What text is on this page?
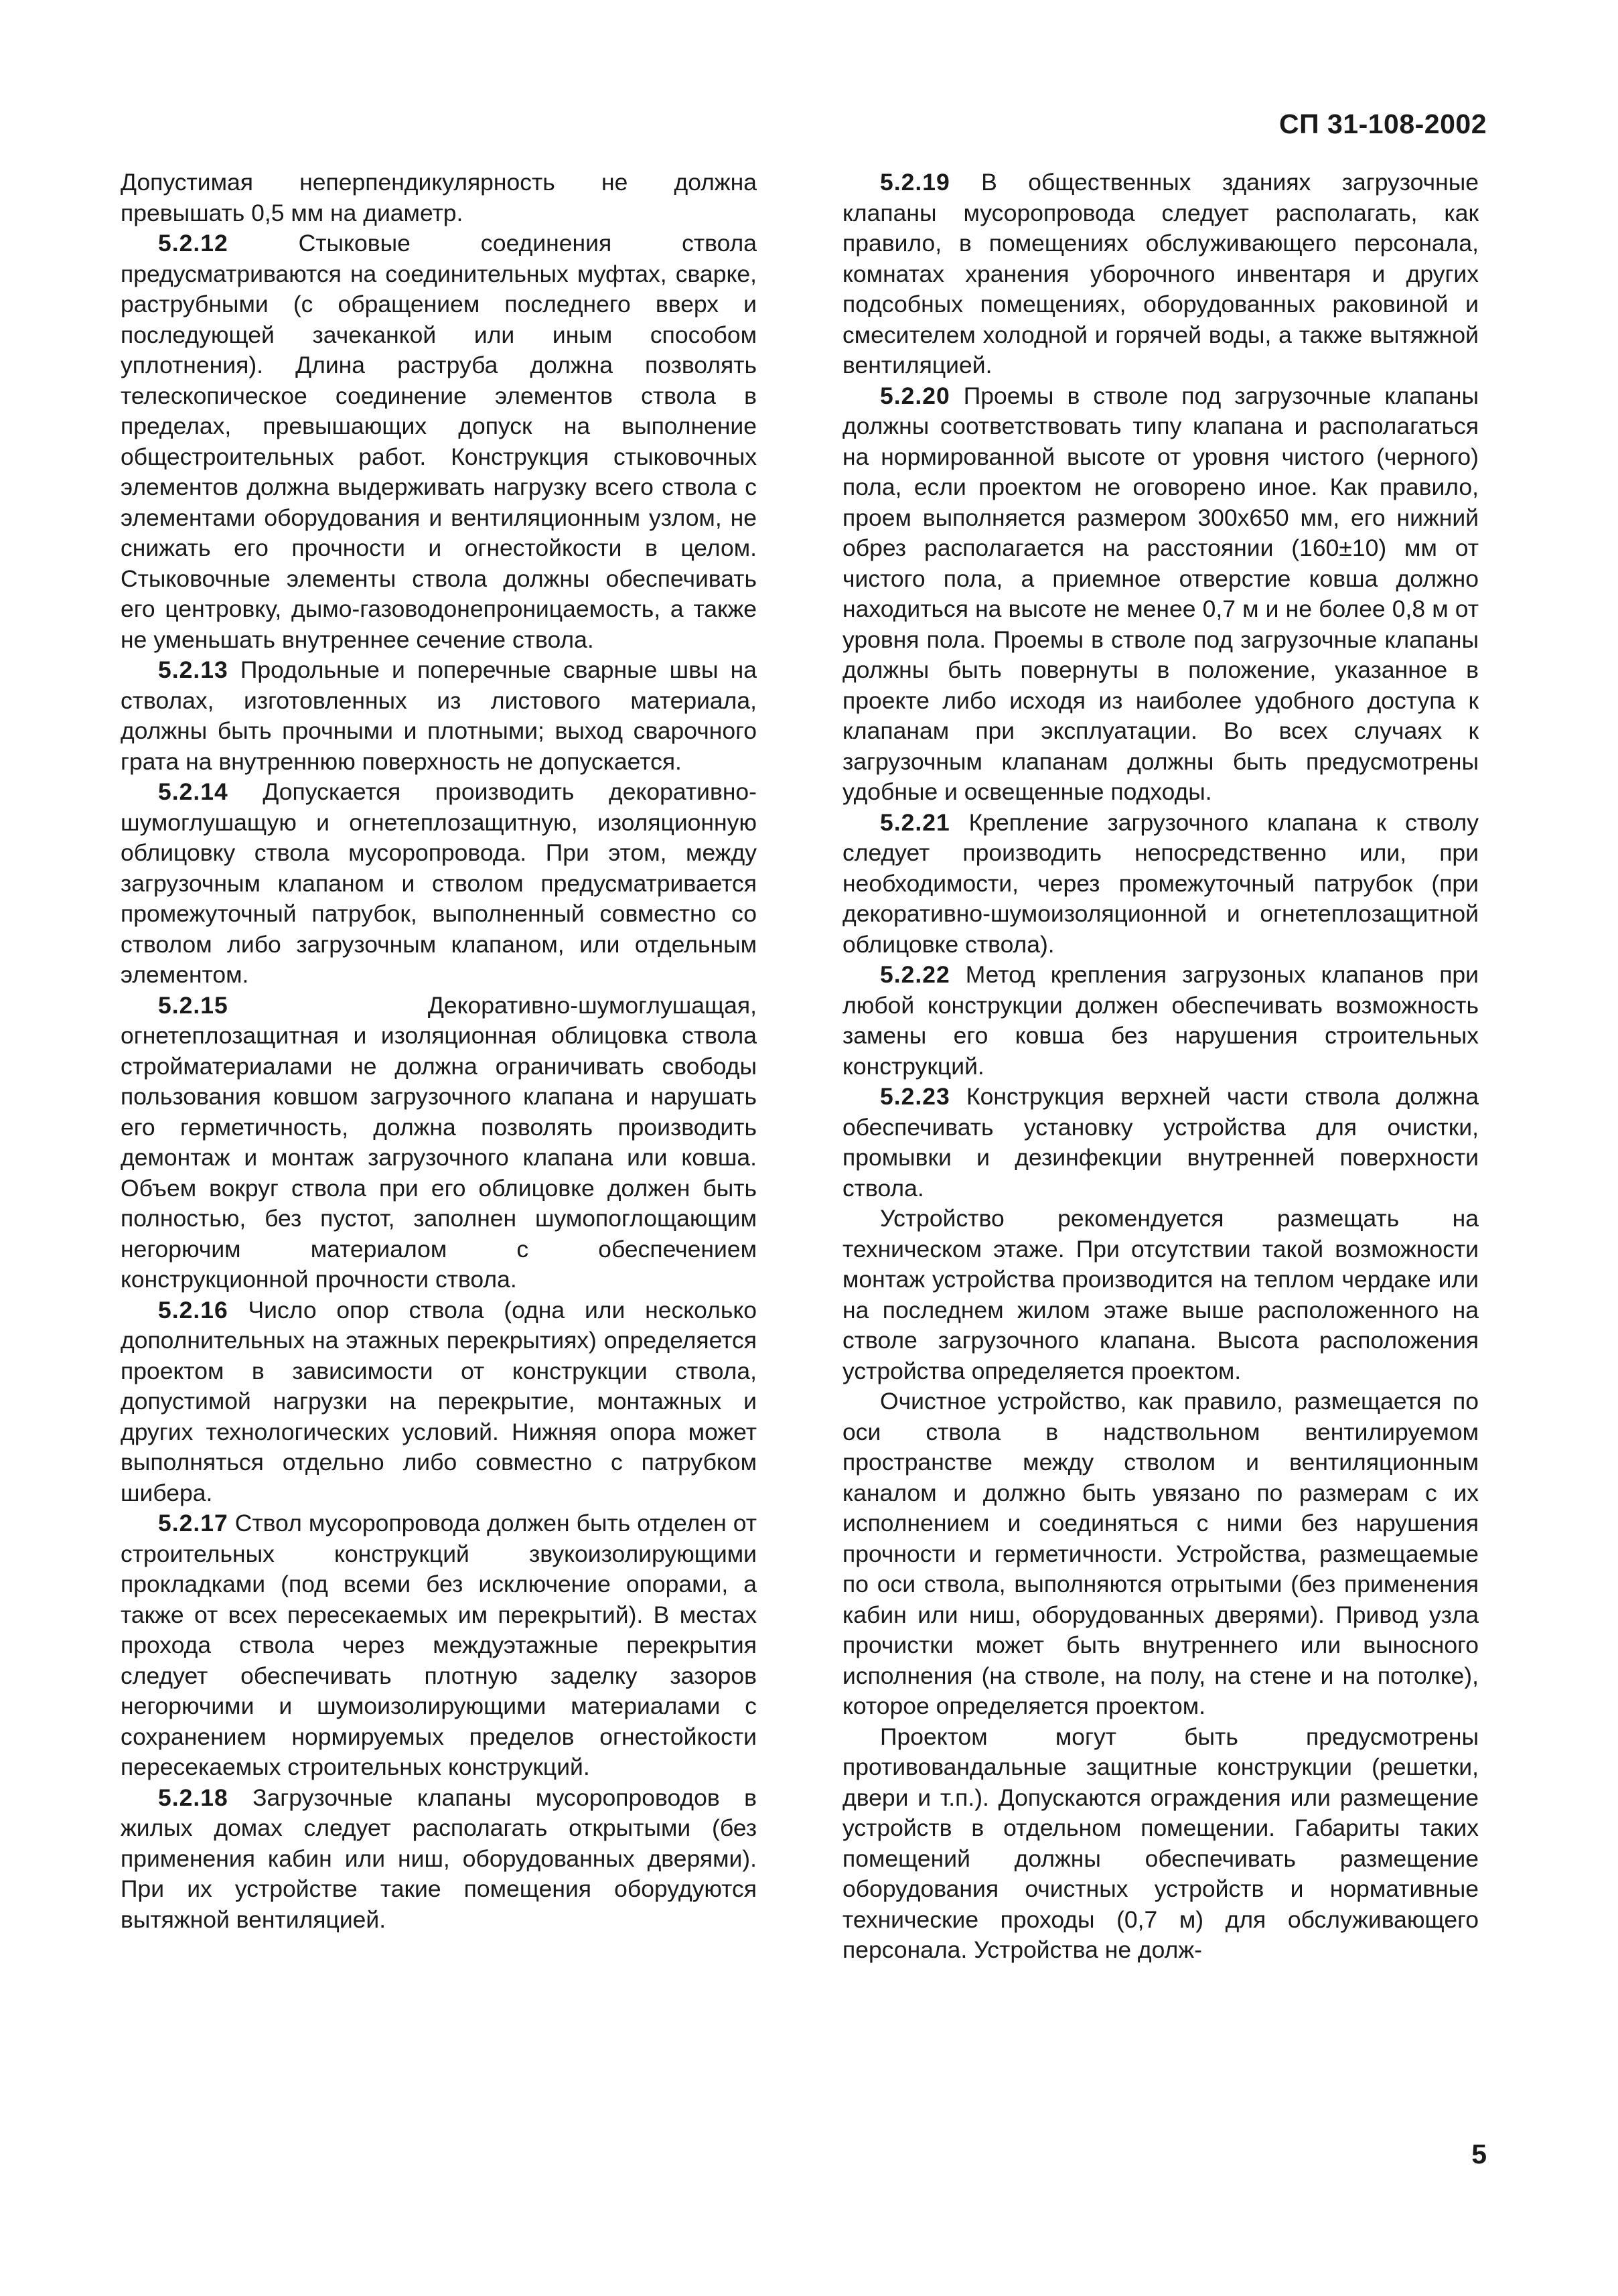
СП 31-108-2002

Допустимая неперпендикулярность не должна превышать 0,5 мм на диаметр.

5.2.12	Стыковые соединения ствола предусматриваются на соединительных муфтах, сварке, раструбными (с обращением последнего вверх и последующей зачеканкой или иным способом уплотнения). Длина раструба должна позволять телескопическое соединение элементов ствола в пределах, превышающих допуск на выполнение общестроительных работ. Конструкция стыковочных элементов должна выдерживать нагрузку всего ствола с элементами оборудования и вентиляционным узлом, не снижать его прочности и огнестойкости в целом. Стыковочные элементы ствола должны обеспечивать его центровку, дымо-газоводонепроницаемость, а также не уменьшать внутреннее сечение ствола.

5.2.13 Продольные и поперечные сварные швы на стволах, изготовленных из листового материала, должны быть прочными и плотными; выход сварочного грата на внутреннюю поверхность не допускается.

5.2.14 Допускается производить декоративно-шумоглушащую и огнетеплозащитную, изоляционную облицовку ствола мусоропровода. При этом, между загрузочным клапаном и стволом предусматривается промежуточный патрубок, выполненный совместно со стволом либо загрузочным клапаном, или отдельным элементом.

5.2.15	Декоративно-шумоглушащая, огнетеплозащитная и изоляционная облицовка ствола стройматериалами не должна ограничивать свободы пользования ковшом загрузочного клапана и нарушать его герметичность, должна позволять производить демонтаж и монтаж загрузочного клапана или ковша. Объем вокруг ствола при его облицовке должен быть полностью, без пустот, заполнен шумопоглощающим негорючим материалом с обеспечением конструкционной прочности ствола.

5.2.16 Число опор ствола (одна или несколько дополнительных на этажных перекрытиях) определяется проектом в зависимости от конструкции ствола, допустимой нагрузки на перекрытие, монтажных и других технологических условий. Нижняя опора может выполняться отдельно либо совместно с патрубком шибера.

5.2.17 Ствол мусоропровода должен быть отделен от строительных конструкций звукоизолирующими прокладками (под всеми без исключение опорами, а также от всех пересекаемых им перекрытий). В местах прохода ствола через междуэтажные перекрытия следует обеспечивать плотную заделку зазоров негорючими и шумоизолирующими материалами с сохранением нормируемых пределов огнестойкости пересекаемых строительных конструкций.

5.2.18 Загрузочные клапаны мусоропроводов в жилых домах следует располагать открытыми (без применения кабин или ниш, оборудованных дверями). При их устройстве такие помещения оборудуются вытяжной вентиляцией.

5.2.19 В общественных зданиях загрузочные клапаны мусоропровода следует располагать, как правило, в помещениях обслуживающего персонала, комнатах хранения уборочного инвентаря и других подсобных помещениях, оборудованных раковиной и смесителем холодной и горячей воды, а также вытяжной вентиляцией.

5.2.20 Проемы в стволе под загрузочные клапаны должны соответствовать типу клапана и располагаться на нормированной высоте от уровня чистого (черного) пола, если проектом не оговорено иное. Как правило, проем выполняется размером 300х650 мм, его нижний обрез располагается на расстоянии (160±10) мм от чистого пола, а приемное отверстие ковша должно находиться на высоте не менее 0,7 м и не более 0,8 м от уровня пола. Проемы в стволе под загрузочные клапаны должны быть повернуты в положение, указанное в проекте либо исходя из наиболее удобного доступа к клапанам при эксплуатации. Во всех случаях к загрузочным клапанам должны быть предусмотрены удобные и освещенные подходы.

5.2.21 Крепление загрузочного клапана к стволу следует производить непосредственно или, при необходимости, через промежуточный патрубок (при декоративно-шумоизоляционной и огнетеплозащитной облицовке ствола).

5.2.22 Метод крепления загрузоных клапанов при любой конструкции должен обеспечивать возможность замены его ковша без нарушения строительных конструкций.

5.2.23 Конструкция верхней части ствола должна обеспечивать установку устройства для очистки, промывки и дезинфекции внутренней поверхности ствола.

Устройство рекомендуется размещать на техническом этаже. При отсутствии такой возможности монтаж устройства производится на теплом чердаке или на последнем жилом этаже выше расположенного на стволе загрузочного клапана. Высота расположения устройства определяется проектом.

Очистное устройство, как правило, размещается по оси ствола в надствольном вентилируемом пространстве между стволом и вентиляционным каналом и должно быть увязано по размерам с их исполнением и соединяться с ними без нарушения прочности и герметичности. Устройства, размещаемые по оси ствола, выполняются отрытыми (без применения кабин или ниш, оборудованных дверями). Привод узла прочистки может быть внутреннего или выносного исполнения (на стволе, на полу, на стене и на потолке), которое определяется проектом.

Проектом могут быть предусмотрены противовандальные защитные конструкции (решетки, двери и т.п.). Допускаются ограждения или размещение устройств в отдельном помещении. Габариты таких помещений должны обеспечивать размещение оборудования очистных устройств и нормативные технические проходы (0,7 м) для обслуживающего персонала. Устройства не долж-

5
